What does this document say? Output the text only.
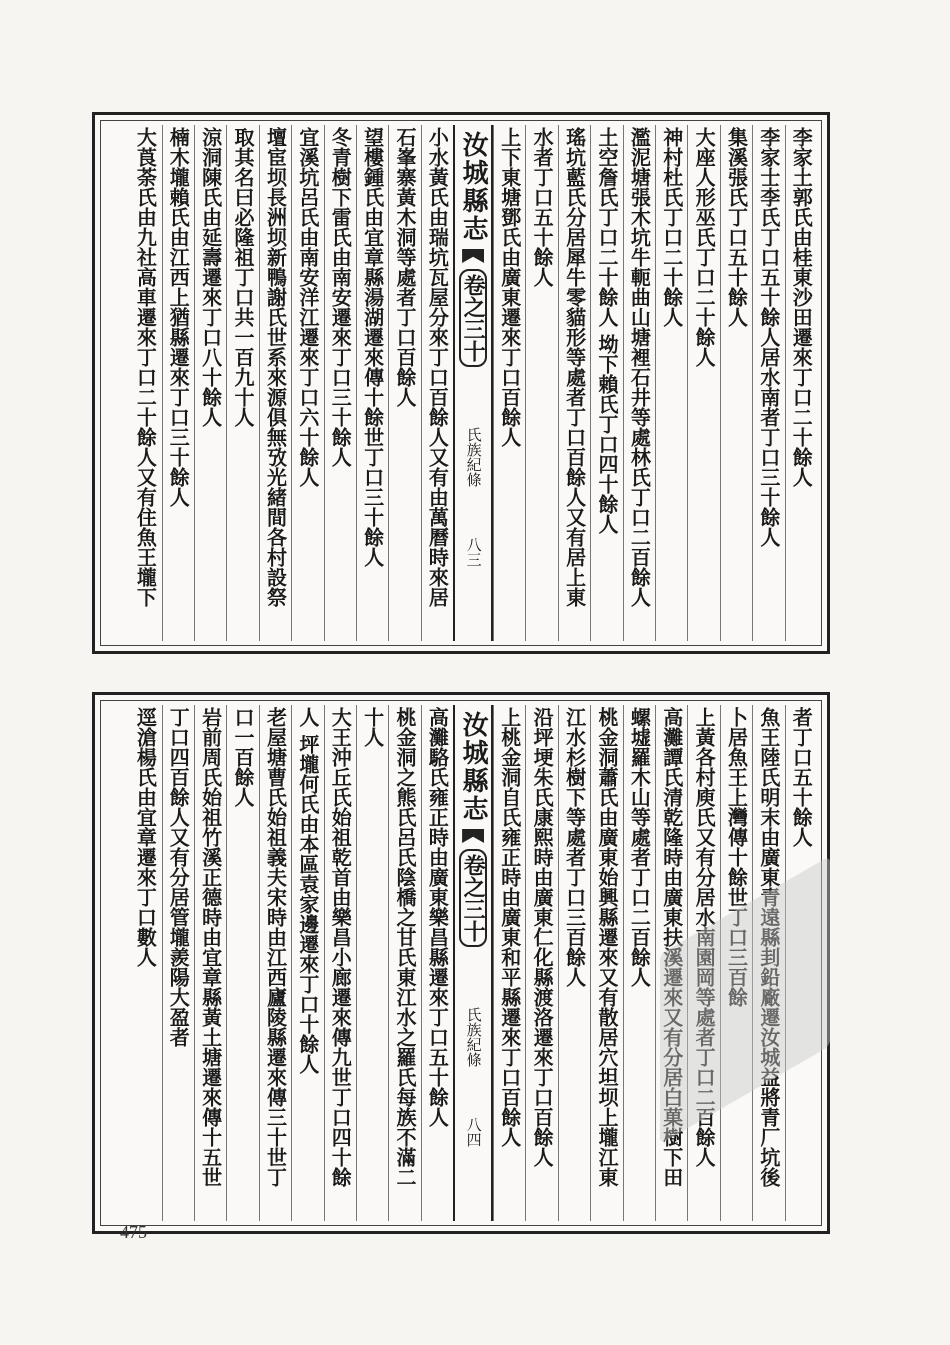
李家土郭氏由桂東沙田遷來丁口二十餘人
李家士李氏丁口五十餘人居水南者丁口三十餘人
集溪張氏丁口五十餘人
大座人形巫氏丁口二十餘人
神村杜氏丁口二十餘人
濫泥塘張木坑牛軛曲山塘裡石井等處林氏丁口二百餘人
土空詹氏丁口二十餘人 坳下賴氏丁口四十餘人
瑤坑藍氏分居犀牛零貓形等處者丁口百餘人又有居上東
水者丁口五十餘人
上下東塘鄧氏由廣東遷來丁口百餘人
汝城縣志
卷之三十
氏族紀條
八三
小水黃氏由瑞坑瓦屋分來丁口百餘人又有由萬曆時來居
石峯寨黃木洞等處者丁口百餘人
望樓鍾氏由宜章縣湯湖遷來傳十餘世丁口三十餘人
冬青樹下雷氏由南安遷來丁口三十餘人
宜溪坑呂氏由南安洋江遷來丁口六十餘人
壇宦坝長洲坝新鴨謝氏世系來源俱無攷光緒間各村設祭
取其名曰必隆祖丁口共一百九十人
涼洞陳氏由延壽遷來丁口八十餘人
楠木壠賴氏由江西上猶縣遷來丁口三十餘人
大莨荼氏由九社高車遷來丁口二十餘人又有住魚王壠下
者丁口五十餘人
魚王陸氏明末由廣東青遠縣刲鉛廠遷汝城益將青厂坑後
卜居魚王上灣傳十餘世丁口三百餘
上黃各村庾氏又有分居水南園岡等處者丁口二百餘人
高灘譚氏清乾隆時由廣東扶溪遷來又有分居白菓樹下田
螺墟羅木山等處者丁口二百餘人
桃金洞蕭氏由廣東始興縣遷來又有散居穴坦坝上壠江東
江水杉樹下等處者丁口三百餘人
沿坪埂朱氏康熙時由廣東仁化縣渡洛遷來丁口百餘人
上桃金洞自氏雍正時由廣東和平縣遷來丁口百餘人
汝城縣志
卷之三十
氏族紀條
八四
高灘駱氏雍正時由廣東樂昌縣遷來丁口五十餘人
桃金洞之熊氏呂氏陰橋之甘氏東江水之羅氏每族不滿二
十人
大王沖丘氏始祖乾首由樂昌小廊遷來傳九世丁口四十餘
人 坪壠何氏由本區袁家邊遷來丁口十餘人
老屋塘曹氏始祖義夫宋時由江西廬陵縣遷來傳三十世丁
口一百餘人
岩前周氏始祖竹溪正德時由宜章縣黃土塘遷來傳十五世
丁口四百餘人又有分居管壠羨陽大盈者
逕滄楊氏由宜章遷來丁口數人
475
